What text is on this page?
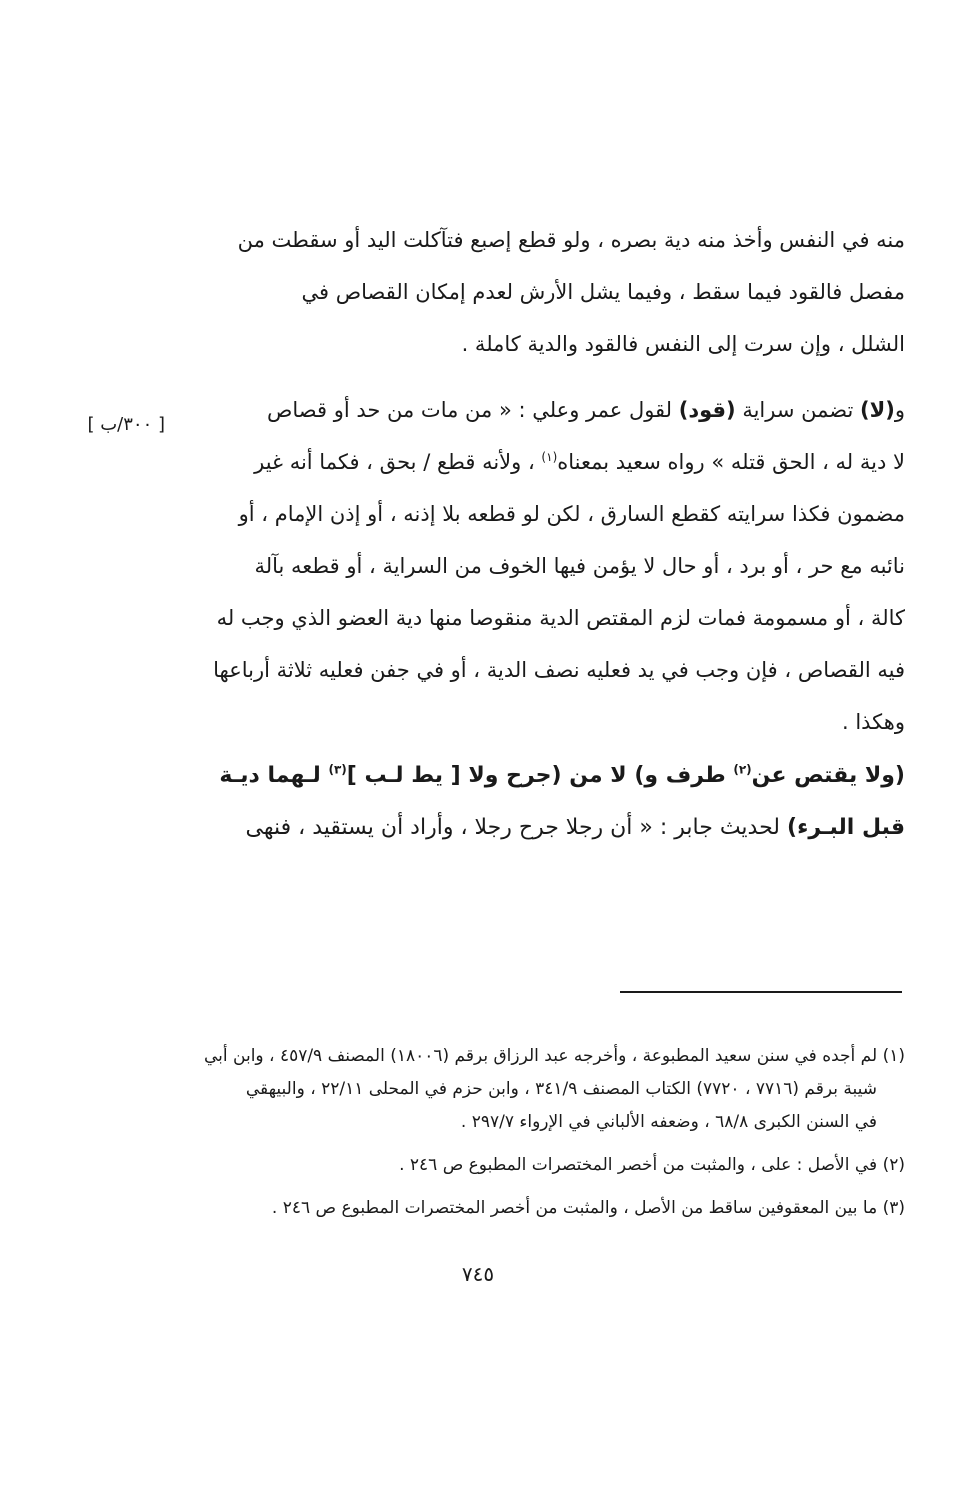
منه في النفس وأخذ منه دية بصره ، ولو قطع إصبع فتآكلت اليد أو سقطت من
مفصل فالقود فيما سقط ، وفيما يشل الأرش لعدم إمكان القصاص في
الشلل ، وإن سرت إلى النفس فالقود والدية كاملة .
[ ٣٠٠/ب ]
و(لا) تضمن سراية (قود) لقول عمر وعلي : « من مات من حد أو قصاص
لا دية له ، الحق قتله » رواه سعيد بمعناه$^{(١)}$ ، ولأنه قطع / بحق ، فكما أنه غير
مضمون فكذا سرايته كقطع السارق ، لكن لو قطعه بلا إذنه ، أو إذن الإمام ، أو
نائبه مع حر ، أو برد ، أو حال لا يؤمن فيها الخوف من السراية ، أو قطعه بآلة
كالة ، أو مسمومة فمات لزم المقتص الدية منقوصا منها دية العضو الذي وجب له
فيه القصاص ، فإن وجب في يد فعليه نصف الدية ، أو في جفن فعليه ثلاثة أرباعها
وهكذا .
(ولا يقتص عن$^{(٢)}$ طرف و) لا من (جرح ولا [ يط لـب ]$^{(٣)}$ لـهما ديـة
قبل البـرء) لحديث جابر : « أن رجلا جرح رجلا ، وأراد أن يستقيد ، فنهى
(١) لم أجده في سنن سعيد المطبوعة ، وأخرجه عبد الرزاق برقم (١٨٠٠٦) المصنف ٤٥٧/٩ ، وابن أبي
شيبة برقم (٧٧١٦ ، ٧٧٢٠) الكتاب المصنف ٣٤١/٩ ، وابن حزم في المحلى ٢٢/١١ ، والبيهقي
في السنن الكبرى ٦٨/٨ ، وضعفه الألباني في الإرواء ٢٩٧/٧ .
(٢) في الأصل : على ، والمثبت من أخصر المختصرات المطبوع ص ٢٤٦ .
(٣) ما بين المعقوفين ساقط من الأصل ، والمثبت من أخصر المختصرات المطبوع ص ٢٤٦ .
٧٤٥
